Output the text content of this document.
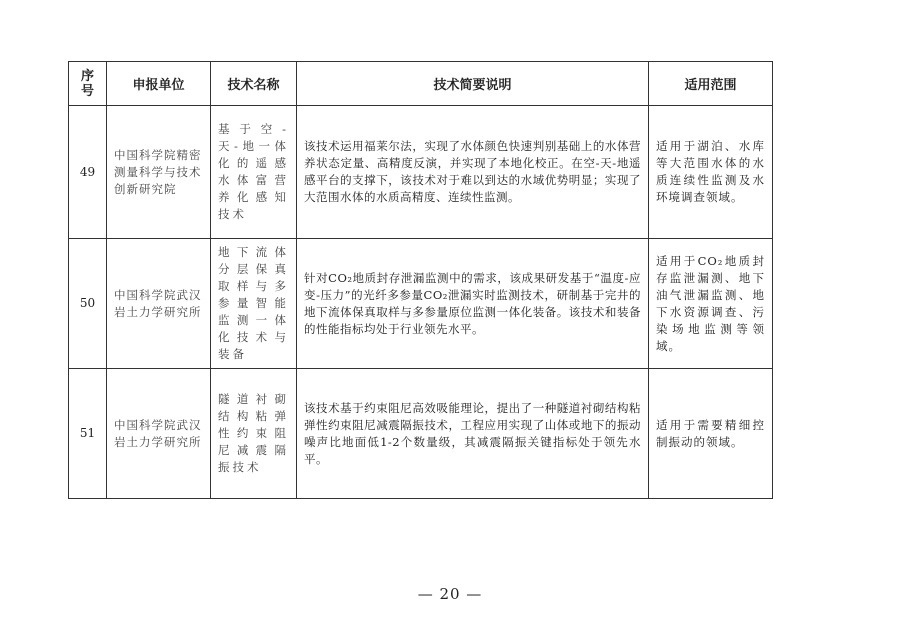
序
号	申报单位	技术名称	技术简要说明	适用范围
49	中国科学院精密测量科学与技术创新研究院	基于空-天-地一体化的遥感水体富营养化感知技术	该技术运用福莱尔法，实现了水体颜色快速判别基础上的水体营养状态定量、高精度反演，并实现了本地化校正。在空-天-地遥感平台的支撑下，该技术对于难以到达的水域优势明显；实现了大范围水体的水质高精度、连续性监测。	适用于湖泊、水库等大范围水体的水质连续性监测及水环境调查领域。
50	中国科学院武汉岩土力学研究所	地下流体分层保真取样与多参量智能监测一体化技术与装备	针对CO₂地质封存泄漏监测中的需求，该成果研发基于“温度-应变-压力”的光纤多参量CO₂泄漏实时监测技术，研制基于完井的地下流体保真取样与多参量原位监测一体化装备。该技术和装备的性能指标均处于行业领先水平。	适用于CO₂地质封存监泄漏测、地下油气泄漏监测、地下水资源调查、污染场地监测等领域。
51	中国科学院武汉岩土力学研究所	隧道衬砌结构粘弹性约束阻尼减震隔振技术	该技术基于约束阻尼高效吸能理论，提出了一种隧道衬砌结构粘弹性约束阻尼减震隔振技术，工程应用实现了山体或地下的振动噪声比地面低1-2个数量级，其减震隔振关键指标处于领先水平。	适用于需要精细控制振动的领域。
— 20 —
